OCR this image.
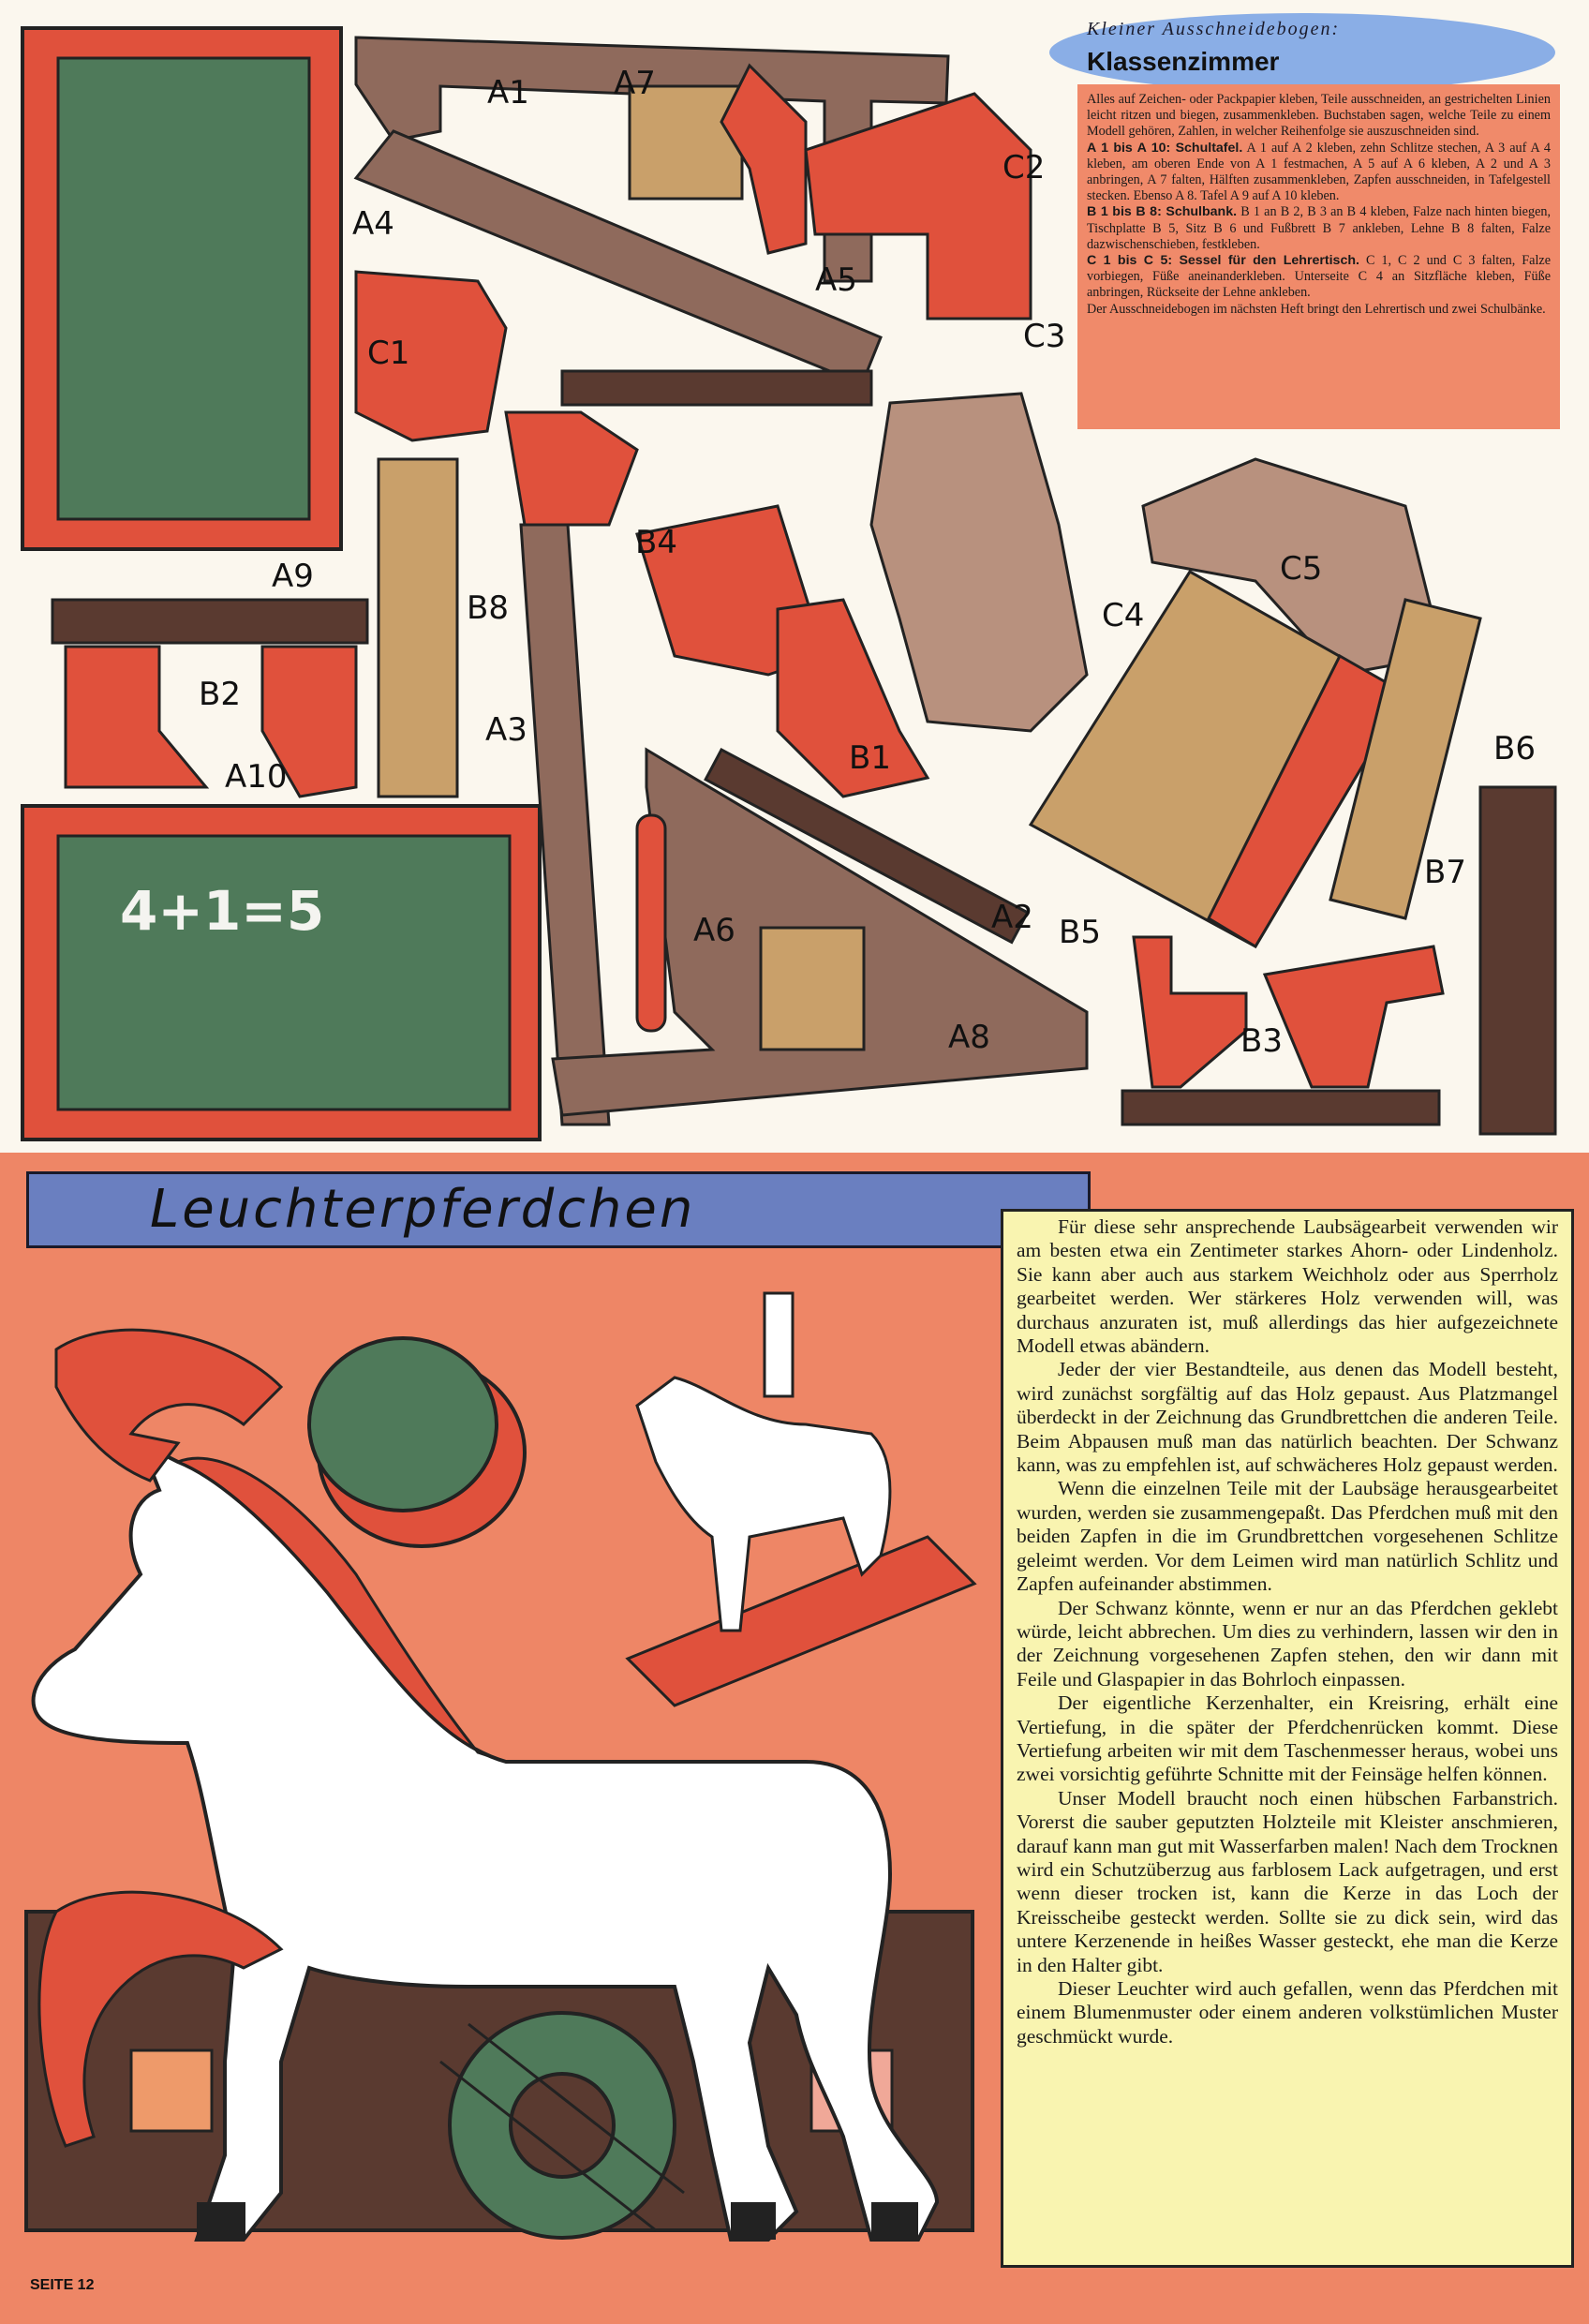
A1	A7
C2
A5
C3
A4
C1
B4
A9
B8
B2
A3
A10	B1
C4
C5
B6
B7
A6	A2 B5
A8	B3
4+1=5
Kleiner Ausschneidebogen:
Klassenzimmer

Alles auf Zeichen- oder Packpapier kleben, Teile ausschneiden, an gestrichelten Linien leicht ritzen und biegen, zusammenkleben. Buchstaben sagen, welche Teile zu einem Modell gehören, Zahlen, in welcher Reihenfolge sie auszuschneiden sind.

A 1 bis A 10: Schultafel. A 1 auf A 2 kleben, zehn Schlitze stechen, A 3 auf A 4 kleben, am oberen Ende von A 1 festmachen, A 5 auf A 6 kleben, A 2 und A 3 anbringen, A 7 falten, Hälften zusammenkleben, Zapfen ausschneiden, in Tafelgestell stecken. Ebenso A 8. Tafel A 9 auf A 10 kleben.

B 1 bis B 8: Schulbank. B 1 an B 2, B 3 an B 4 kleben, Falze nach hinten biegen, Tischplatte B 5, Sitz B 6 und Fußbrett B 7 ankleben, Lehne B 8 falten, Falze dazwischenschieben, festkleben.

C 1 bis C 5: Sessel für den Lehrertisch. C 1, C 2 und C 3 falten, Falze vorbiegen, Füße aneinanderkleben. Unterseite C 4 an Sitzfläche kleben, Füße anbringen, Rückseite der Lehne ankleben.

Der Ausschneidebogen im nächsten Heft bringt den Lehrertisch und zwei Schulbänke.

Leuchterpferdchen	Für diese sehr ansprechende Laubsägearbeit verwenden wir am besten etwa ein Zentimeter starkes Ahorn- oder Lindenholz. Sie kann aber auch aus starkem Weichholz oder aus Sperrholz gearbeitet werden. Wer stärkeres Holz verwenden will, was durchaus anzuraten ist, muß allerdings das hier aufgezeichnete Modell etwas abändern.

Jeder der vier Bestandteile, aus denen das Modell besteht, wird zunächst sorgfältig auf das Holz gepaust. Aus Platzmangel überdeckt in der Zeichnung das Grundbrettchen die anderen Teile. Beim Abpausen muß man das natürlich beachten. Der Schwanz kann, was zu empfehlen ist, auf schwächeres Holz gepaust werden.

Wenn die einzelnen Teile mit der Laubsäge herausgearbeitet wurden, werden sie zusammengepaßt. Das Pferdchen muß mit den beiden Zapfen in die im Grundbrettchen vorgesehenen Schlitze geleimt werden. Vor dem Leimen wird man natürlich Schlitz und Zapfen aufeinander abstimmen.

Der Schwanz könnte, wenn er nur an das Pferdchen geklebt würde, leicht abbrechen. Um dies zu verhindern, lassen wir den in der Zeichnung vorgesehenen Zapfen stehen, den wir dann mit Feile und Glaspapier in das Bohrloch einpassen.

Der eigentliche Kerzenhalter, ein Kreisring, erhält eine Vertiefung, in die später der Pferdchenrücken kommt. Diese Vertiefung arbeiten wir mit dem Taschenmesser heraus, wobei uns zwei vorsichtig geführte Schnitte mit der Feinsäge helfen können.

Unser Modell braucht noch einen hübschen Farbanstrich. Vorerst die sauber geputzten Holzteile mit Kleister anschmieren, darauf kann man gut mit Wasserfarben malen! Nach dem Trocknen wird ein Schutzüberzug aus farblosem Lack aufgetragen, und erst wenn dieser trocken ist, kann die Kerze in das Loch der Kreisscheibe gesteckt werden. Sollte sie zu dick sein, wird das untere Kerzenende in heißes Wasser gesteckt, ehe man die Kerze in den Halter gibt.

Dieser Leuchter wird auch gefallen, wenn das Pferdchen mit einem Blumenmuster oder einem anderen volkstümlichen Muster geschmückt wurde.

SEITE 12
